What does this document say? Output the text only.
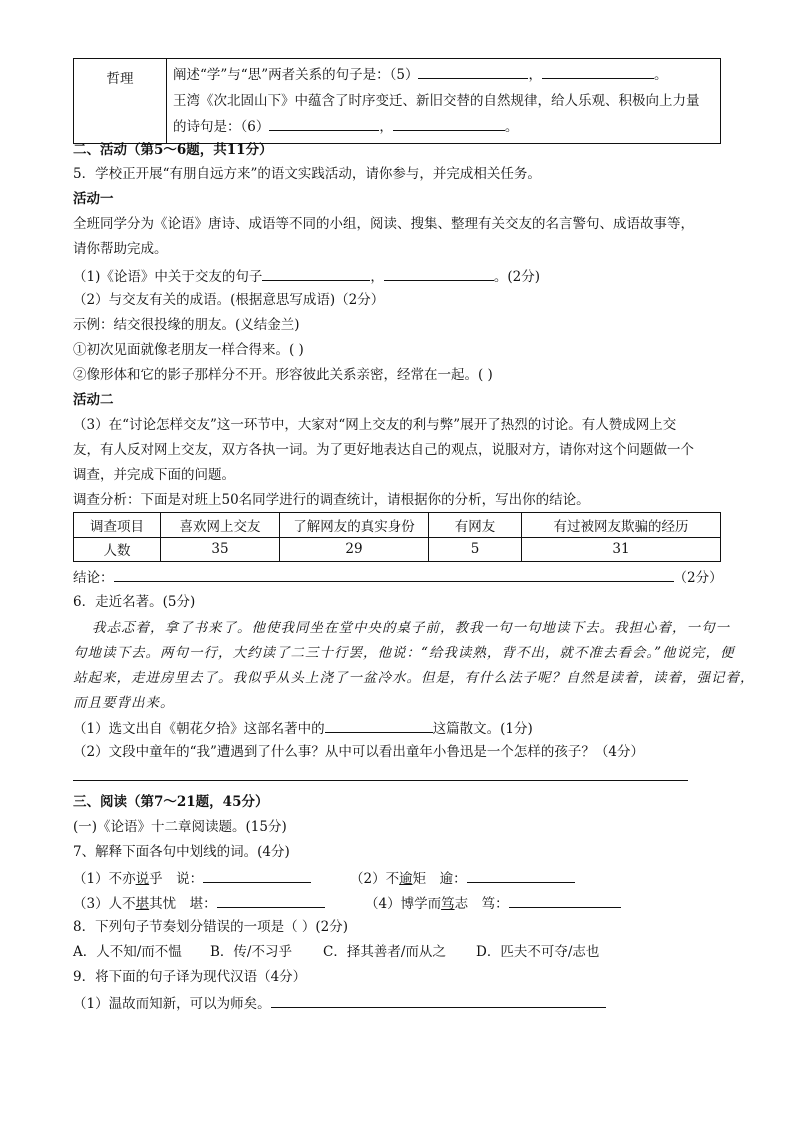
哲理	阐述“学”与“思”两者关系的句子是：（5）	，	。
王湾《次北固山下》中蕴含了时序变迁、新旧交替的自然规律，给人乐观、积极向上力量
的诗句是：（6）	，	。
二、活动（第5～6题，共11分）
5．学校正开展“有朋自远方来”的语文实践活动，请你参与，并完成相关任务。
活动一
全班同学分为《论语》唐诗、成语等不同的小组，阅读、搜集、整理有关交友的名言警句、成语故事等，
请你帮助完成。
（1)《论语》中关于交友的句子	，	。(2分)
（2）与交友有关的成语。(根据意思写成语)（2分）
示例：结交很投缘的朋友。(义结金兰)
①初次见面就像老朋友一样合得来。( )
②像形体和它的影子那样分不开。形容彼此关系亲密，经常在一起。( )
活动二
（3）在“讨论怎样交友”这一环节中，大家对“网上交友的利与弊”展开了热烈的讨论。有人赞成网上交
友，有人反对网上交友，双方各执一词。为了更好地表达自己的观点，说服对方，请你对这个问题做一个
调查，并完成下面的问题。
调查分析：下面是对班上50名同学进行的调查统计，请根据你的分析，写出你的结论。
调查项目	喜欢网上交友	了解网友的真实身份	有网友	有过被网友欺骗的经历
人数	35	29	5	31
结论：	（2分）
6．走近名著。(5分)
我忐忑着，拿了书来了。他使我同坐在堂中央的桌子前，教我一句一句地读下去。我担心着，一句一
句地读下去。两句一行，大约读了二三十行罢，他说：“给我读熟，背不出，就不准去看会。”他说完，便
站起来，走进房里去了。我似乎从头上浇了一盆冷水。但是，有什么法子呢？自然是读着，读着，强记着，
而且要背出来。
（1）选文出自《朝花夕拾》这部名著中的	这篇散文。(1分)
（2）文段中童年的“我”遭遇到了什么事？从中可以看出童年小鲁迅是一个怎样的孩子？（4分）
三、阅读（第7～21题，45分）
(一)《论语》十二章阅读题。(15分)
7、解释下面各句中划线的词。(4分)
（1）不亦说乎　说：	（2）不逾矩　逾：
（3）人不堪其忧　堪：	（4）博学而笃志　笃：
8．下列句子节奏划分错误的一项是（ ）(2分)
A．人不知/而不愠 B．传/不习乎 C．择其善者/而从之 D．匹夫不可夺/志也
9．将下面的句子译为现代汉语（4分）
（1）温故而知新，可以为师矣。
